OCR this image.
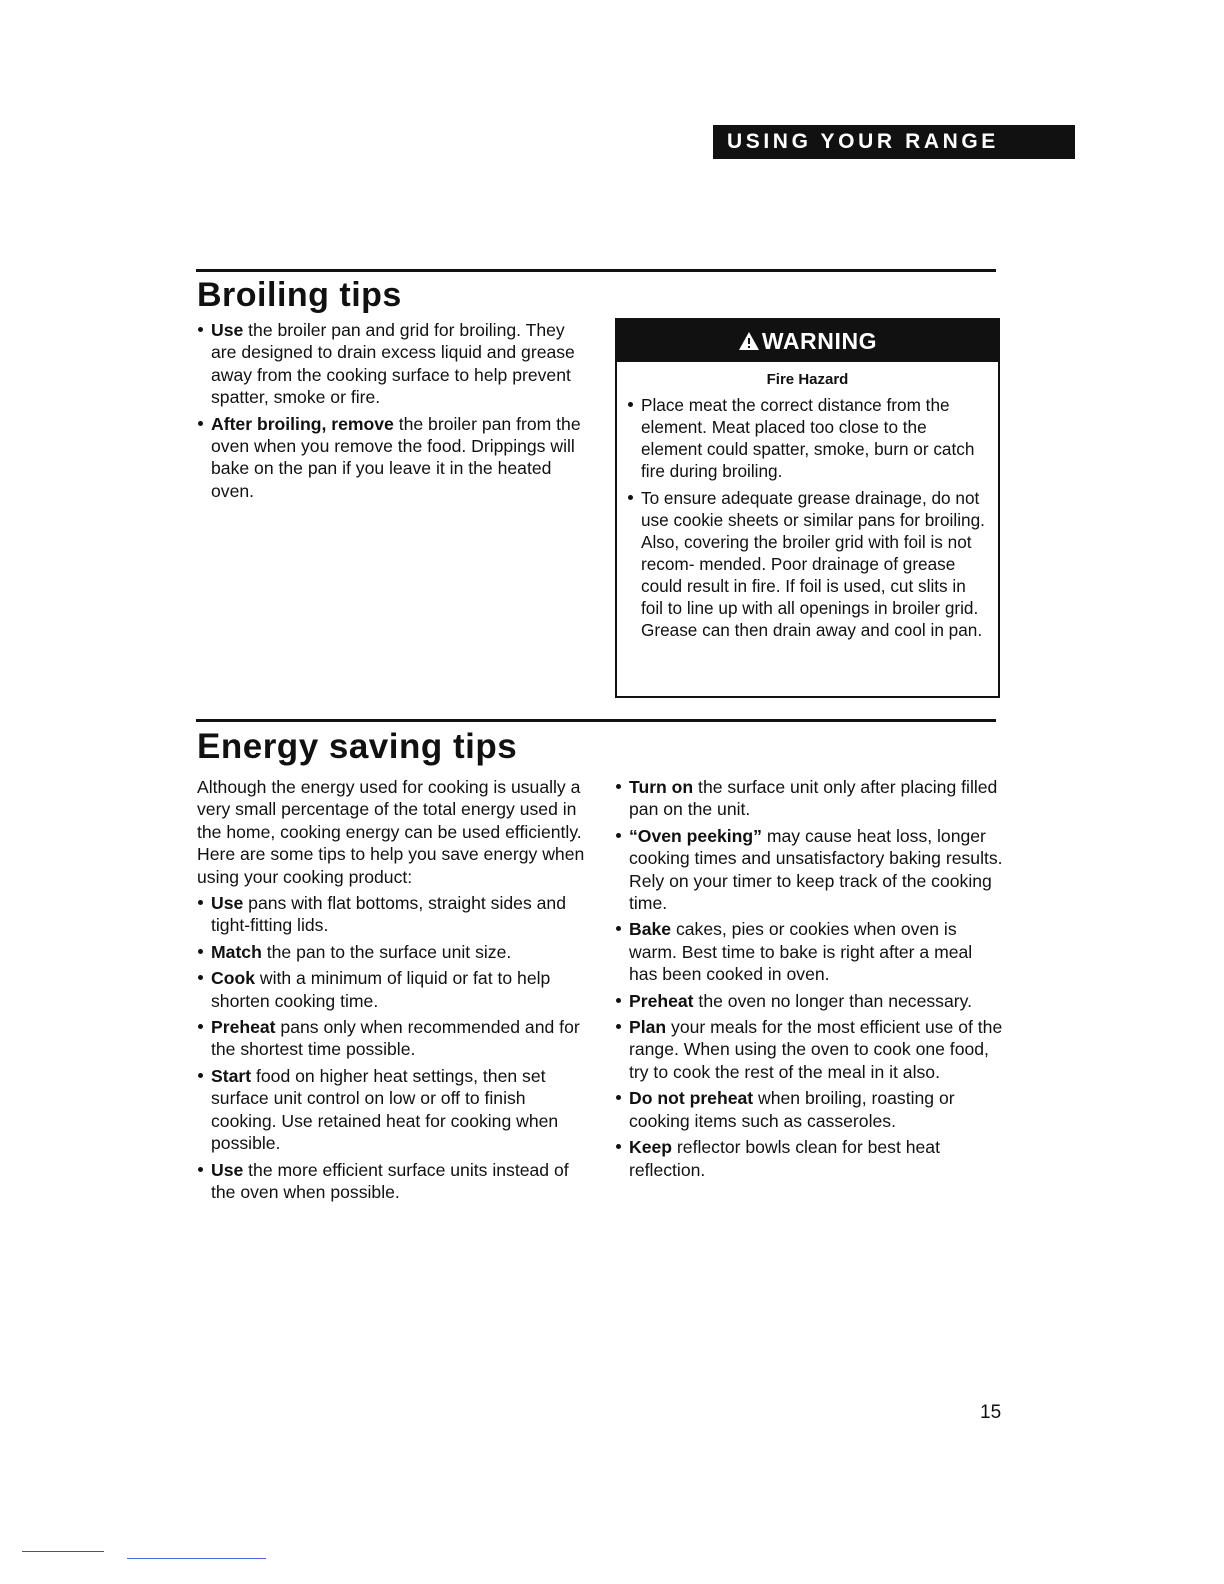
USING YOUR RANGE
Broiling tips
Use the broiler pan and grid for broiling. They are designed to drain excess liquid and grease away from the cooking surface to help prevent spatter, smoke or fire.
After broiling, remove the broiler pan from the oven when you remove the food. Drippings will bake on the pan if you leave it in the heated oven.
WARNING
Fire Hazard
Place meat the correct distance from the element. Meat placed too close to the element could spatter, smoke, burn or catch fire during broiling.
To ensure adequate grease drainage, do not use cookie sheets or similar pans for broiling. Also, covering the broiler grid with foil is not recom- mended. Poor drainage of grease could result in fire. If foil is used, cut slits in foil to line up with all openings in broiler grid. Grease can then drain away and cool in pan.
Energy saving tips

Although the energy used for cooking is usually a very small percentage of the total energy used in the home, cooking energy can be used efficiently. Here are some tips to help you save energy when using your cooking product:

Use pans with flat bottoms, straight sides and tight-fitting lids.
Match the pan to the surface unit size.
Cook with a minimum of liquid or fat to help shorten cooking time.
Preheat pans only when recommended and for the shortest time possible.
Start food on higher heat settings, then set surface unit control on low or off to finish cooking. Use retained heat for cooking when possible.
Use the more efficient surface units instead of the oven when possible.
Turn on the surface unit only after placing filled pan on the unit.
“Oven peeking” may cause heat loss, longer cooking times and unsatisfactory baking results. Rely on your timer to keep track of the cooking time.
Bake cakes, pies or cookies when oven is warm. Best time to bake is right after a meal has been cooked in oven.
Preheat the oven no longer than necessary.
Plan your meals for the most efficient use of the range. When using the oven to cook one food, try to cook the rest of the meal in it also.
Do not preheat when broiling, roasting or cooking items such as casseroles.
Keep reflector bowls clean for best heat reflection.
15
